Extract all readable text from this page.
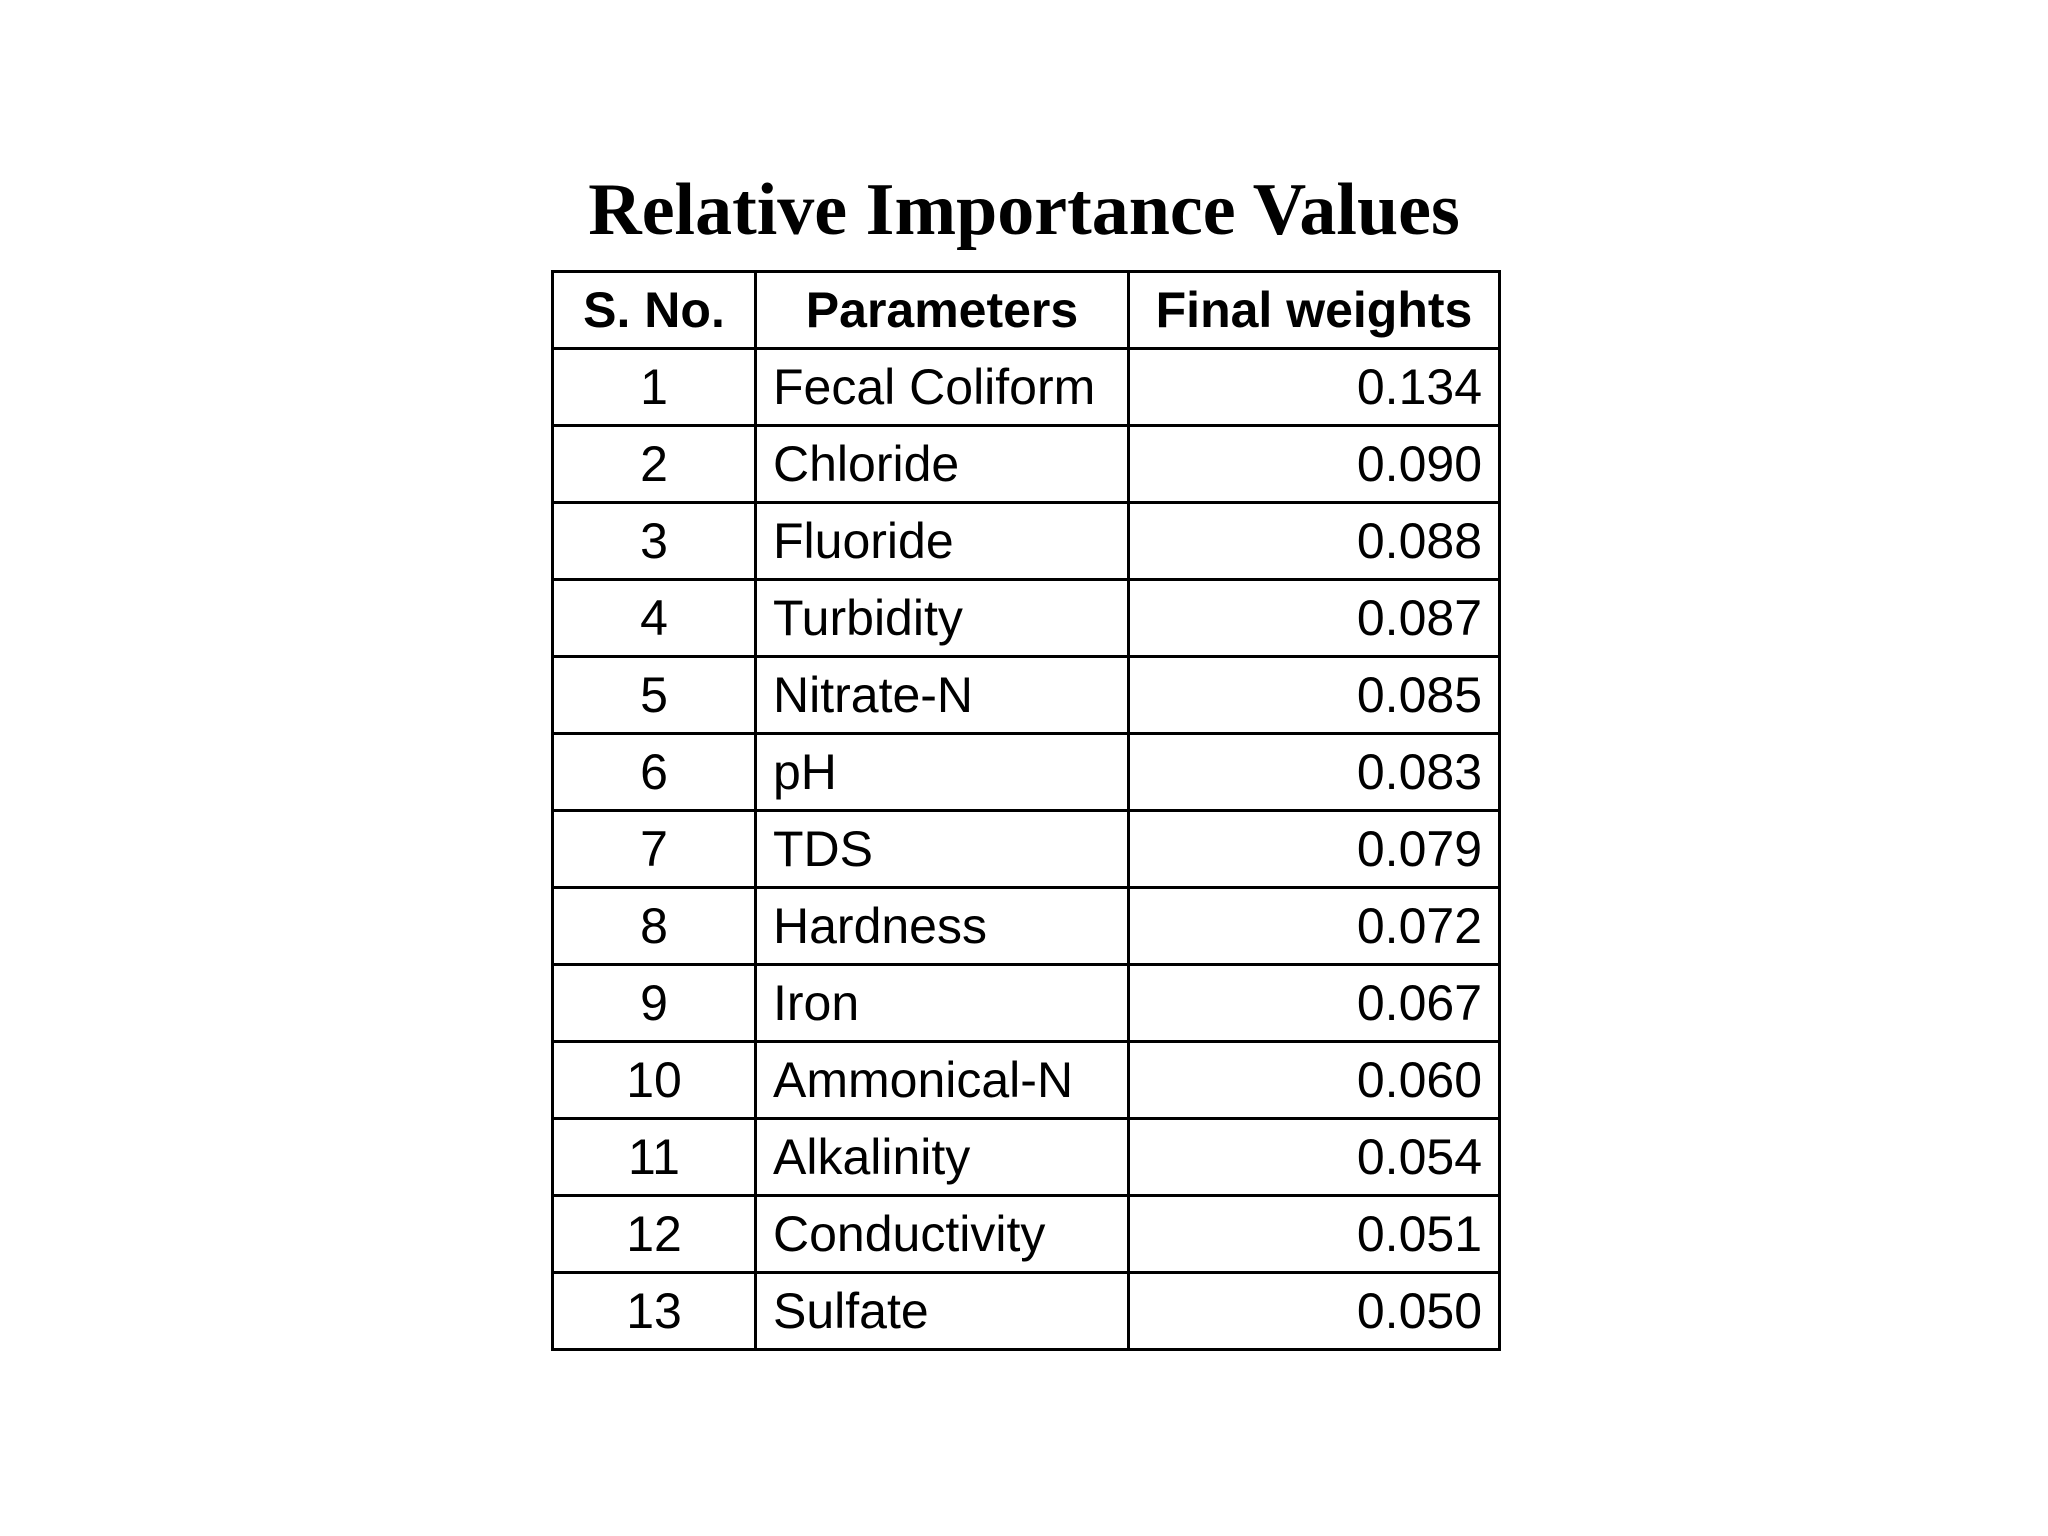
Relative Importance Values
S. No.	Parameters	Final weights
1	Fecal Coliform	0.134
2	Chloride	0.090
3	Fluoride	0.088
4	Turbidity	0.087
5	Nitrate-N	0.085
6	pH	0.083
7	TDS	0.079
8	Hardness	0.072
9	Iron	0.067
10	Ammonical-N	0.060
11	Alkalinity	0.054
12	Conductivity	0.051
13	Sulfate	0.050
